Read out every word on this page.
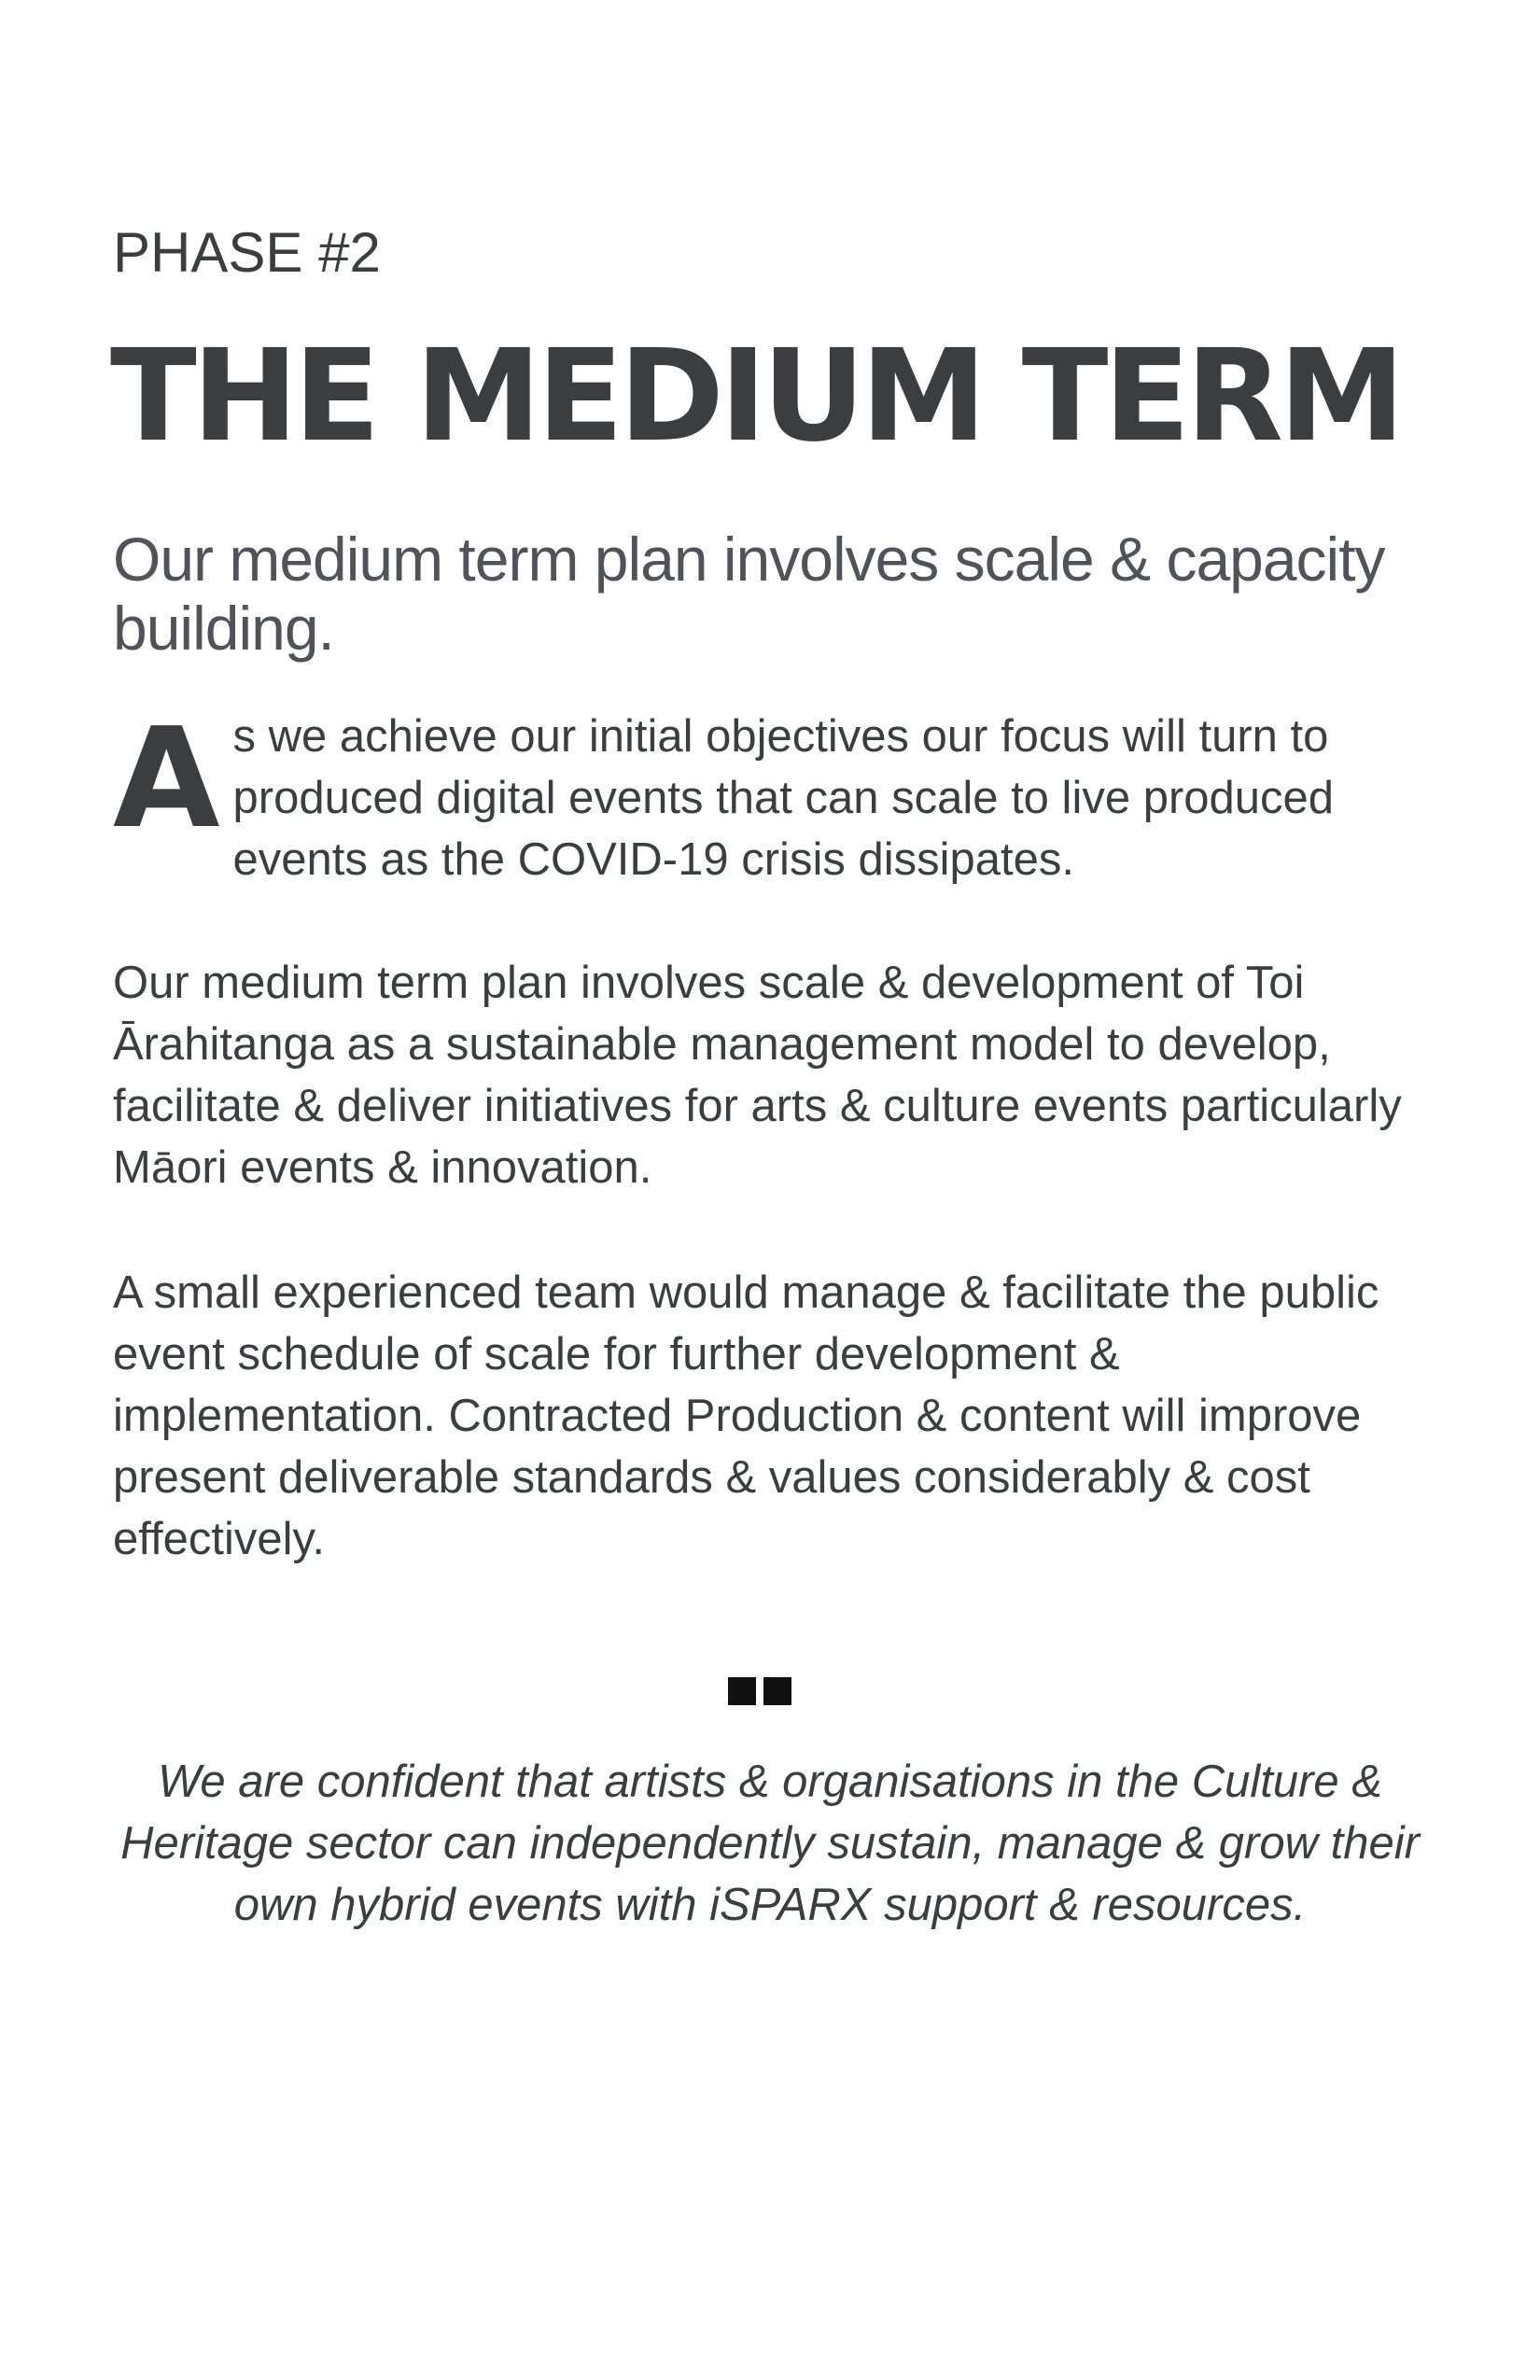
PHASE #2
THE MEDIUM TERM
Our medium term plan involves scale & capacity building.
A s we achieve our initial objectives our focus will turn to produced digital events that can scale to live produced events as the COVID-19 crisis dissipates.
Our medium term plan involves scale & development of Toi Ārahitanga as a sustainable management model to develop, facilitate & deliver initiatives for arts & culture events particularly Māori events & innovation.
A small experienced team would manage & facilitate the public event schedule of scale for further development & implementation. Contracted Production & content will improve present deliverable standards & values considerably & cost effectively.
We are confident that artists & organisations in the Culture & Heritage sector can independently sustain, manage & grow their own hybrid events with iSPARX support & resources.
